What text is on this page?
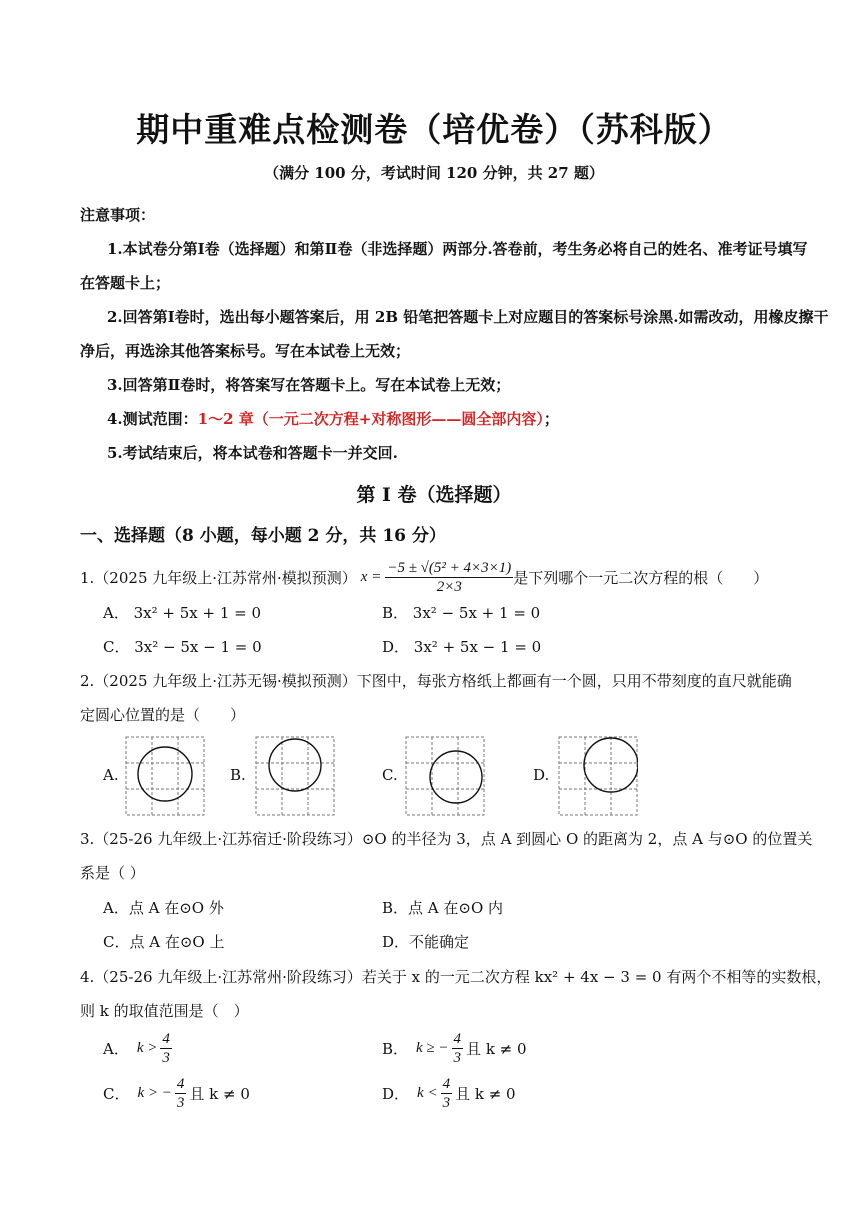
期中重难点检测卷（培优卷）（苏科版）
（满分 100 分，考试时间 120 分钟，共 27 题）
注意事项：
1.本试卷分第Ⅰ卷（选择题）和第Ⅱ卷（非选择题）两部分.答卷前，考生务必将自己的姓名、准考证号填写
在答题卡上；
2.回答第Ⅰ卷时，选出每小题答案后，用 2B 铅笔把答题卡上对应题目的答案标号涂黑.如需改动，用橡皮擦干
净后，再选涂其他答案标号。写在本试卷上无效；
3.回答第Ⅱ卷时，将答案写在答题卡上。写在本试卷上无效；
4.测试范围：1～2 章（一元二次方程+对称图形——圆全部内容）；
5.考试结束后，将本试卷和答题卡一并交回.
第 I 卷（选择题）
一、选择题（8 小题，每小题 2 分，共 16 分）
1.（2025 九年级上·江苏常州·模拟预测） $x = \frac{\text{−5 ± √(5² + 4×3×1)}}{2\times 3}$ 是下列哪个一元二次方程的根（　　）
A． 3x² + 5x + 1 = 0	B． 3x² − 5x + 1 = 0
C． 3x² − 5x − 1 = 0	D． 3x² + 5x − 1 = 0
2.（2025 九年级上·江苏无锡·模拟预测）下图中，每张方格纸上都画有一个圆，只用不带刻度的直尺就能确
定圆心位置的是（　　）
A.	B.	C.	D.
3.（25-26 九年级上·江苏宿迁·阶段练习）⊙O 的半径为 3，点 A 到圆心 O 的距离为 2，点 A 与⊙O 的位置关
系是（ ）
A．点 A 在⊙O 外	B．点 A 在⊙O 内
C．点 A 在⊙O 上	D．不能确定
4.（25-26 九年级上·江苏常州·阶段练习）若关于 x 的一元二次方程 kx² + 4x − 3 = 0 有两个不相等的实数根，
则 k 的取值范围是（　）
A． $k > \frac{4}{3}$	B． k ≥ − $\frac{4}{3}$ 且 k ≠ 0
C． k > − $\frac{4}{3}$ 且 k ≠ 0	D． $k < \frac{4}{3}$ 且 k ≠ 0
